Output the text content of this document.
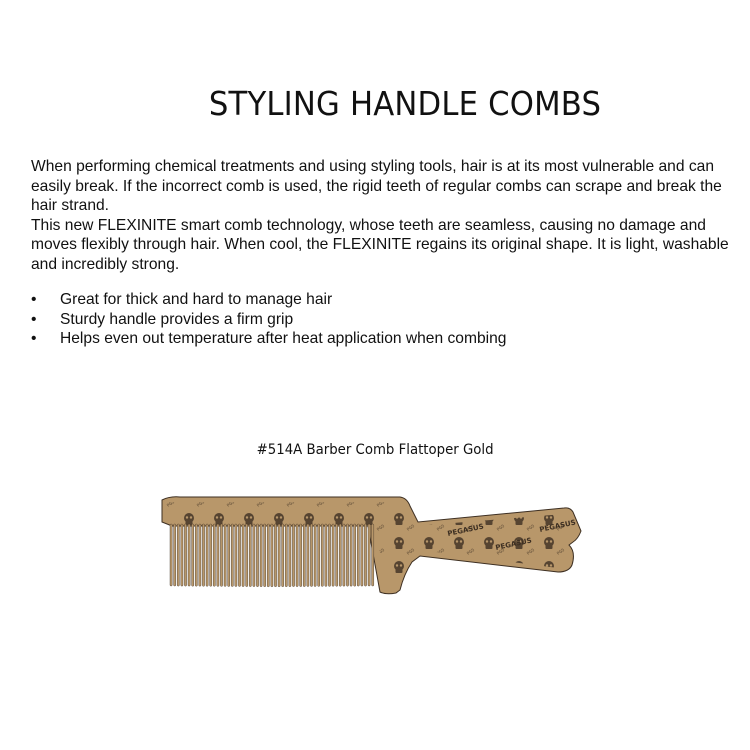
STYLING HANDLE COMBS

When performing chemical treatments and using styling tools, hair is at its most vulnerable and can easily break. If the incorrect comb is used, the rigid teeth of regular combs can scrape and break the hair strand.

This new FLEXINITE smart comb technology, whose teeth are seamless, causing no damage and moves flexibly through hair. When cool, the FLEXINITE regains its original shape. It is light, washable and incredibly strong.

• Great for thick and hard to manage hair
• Sturdy handle provides a firm grip
• Helps even out temperature after heat application when combing

#514A Barber Comb Flattoper Gold

PEGASUS
PEGASUS
PEGASUS
